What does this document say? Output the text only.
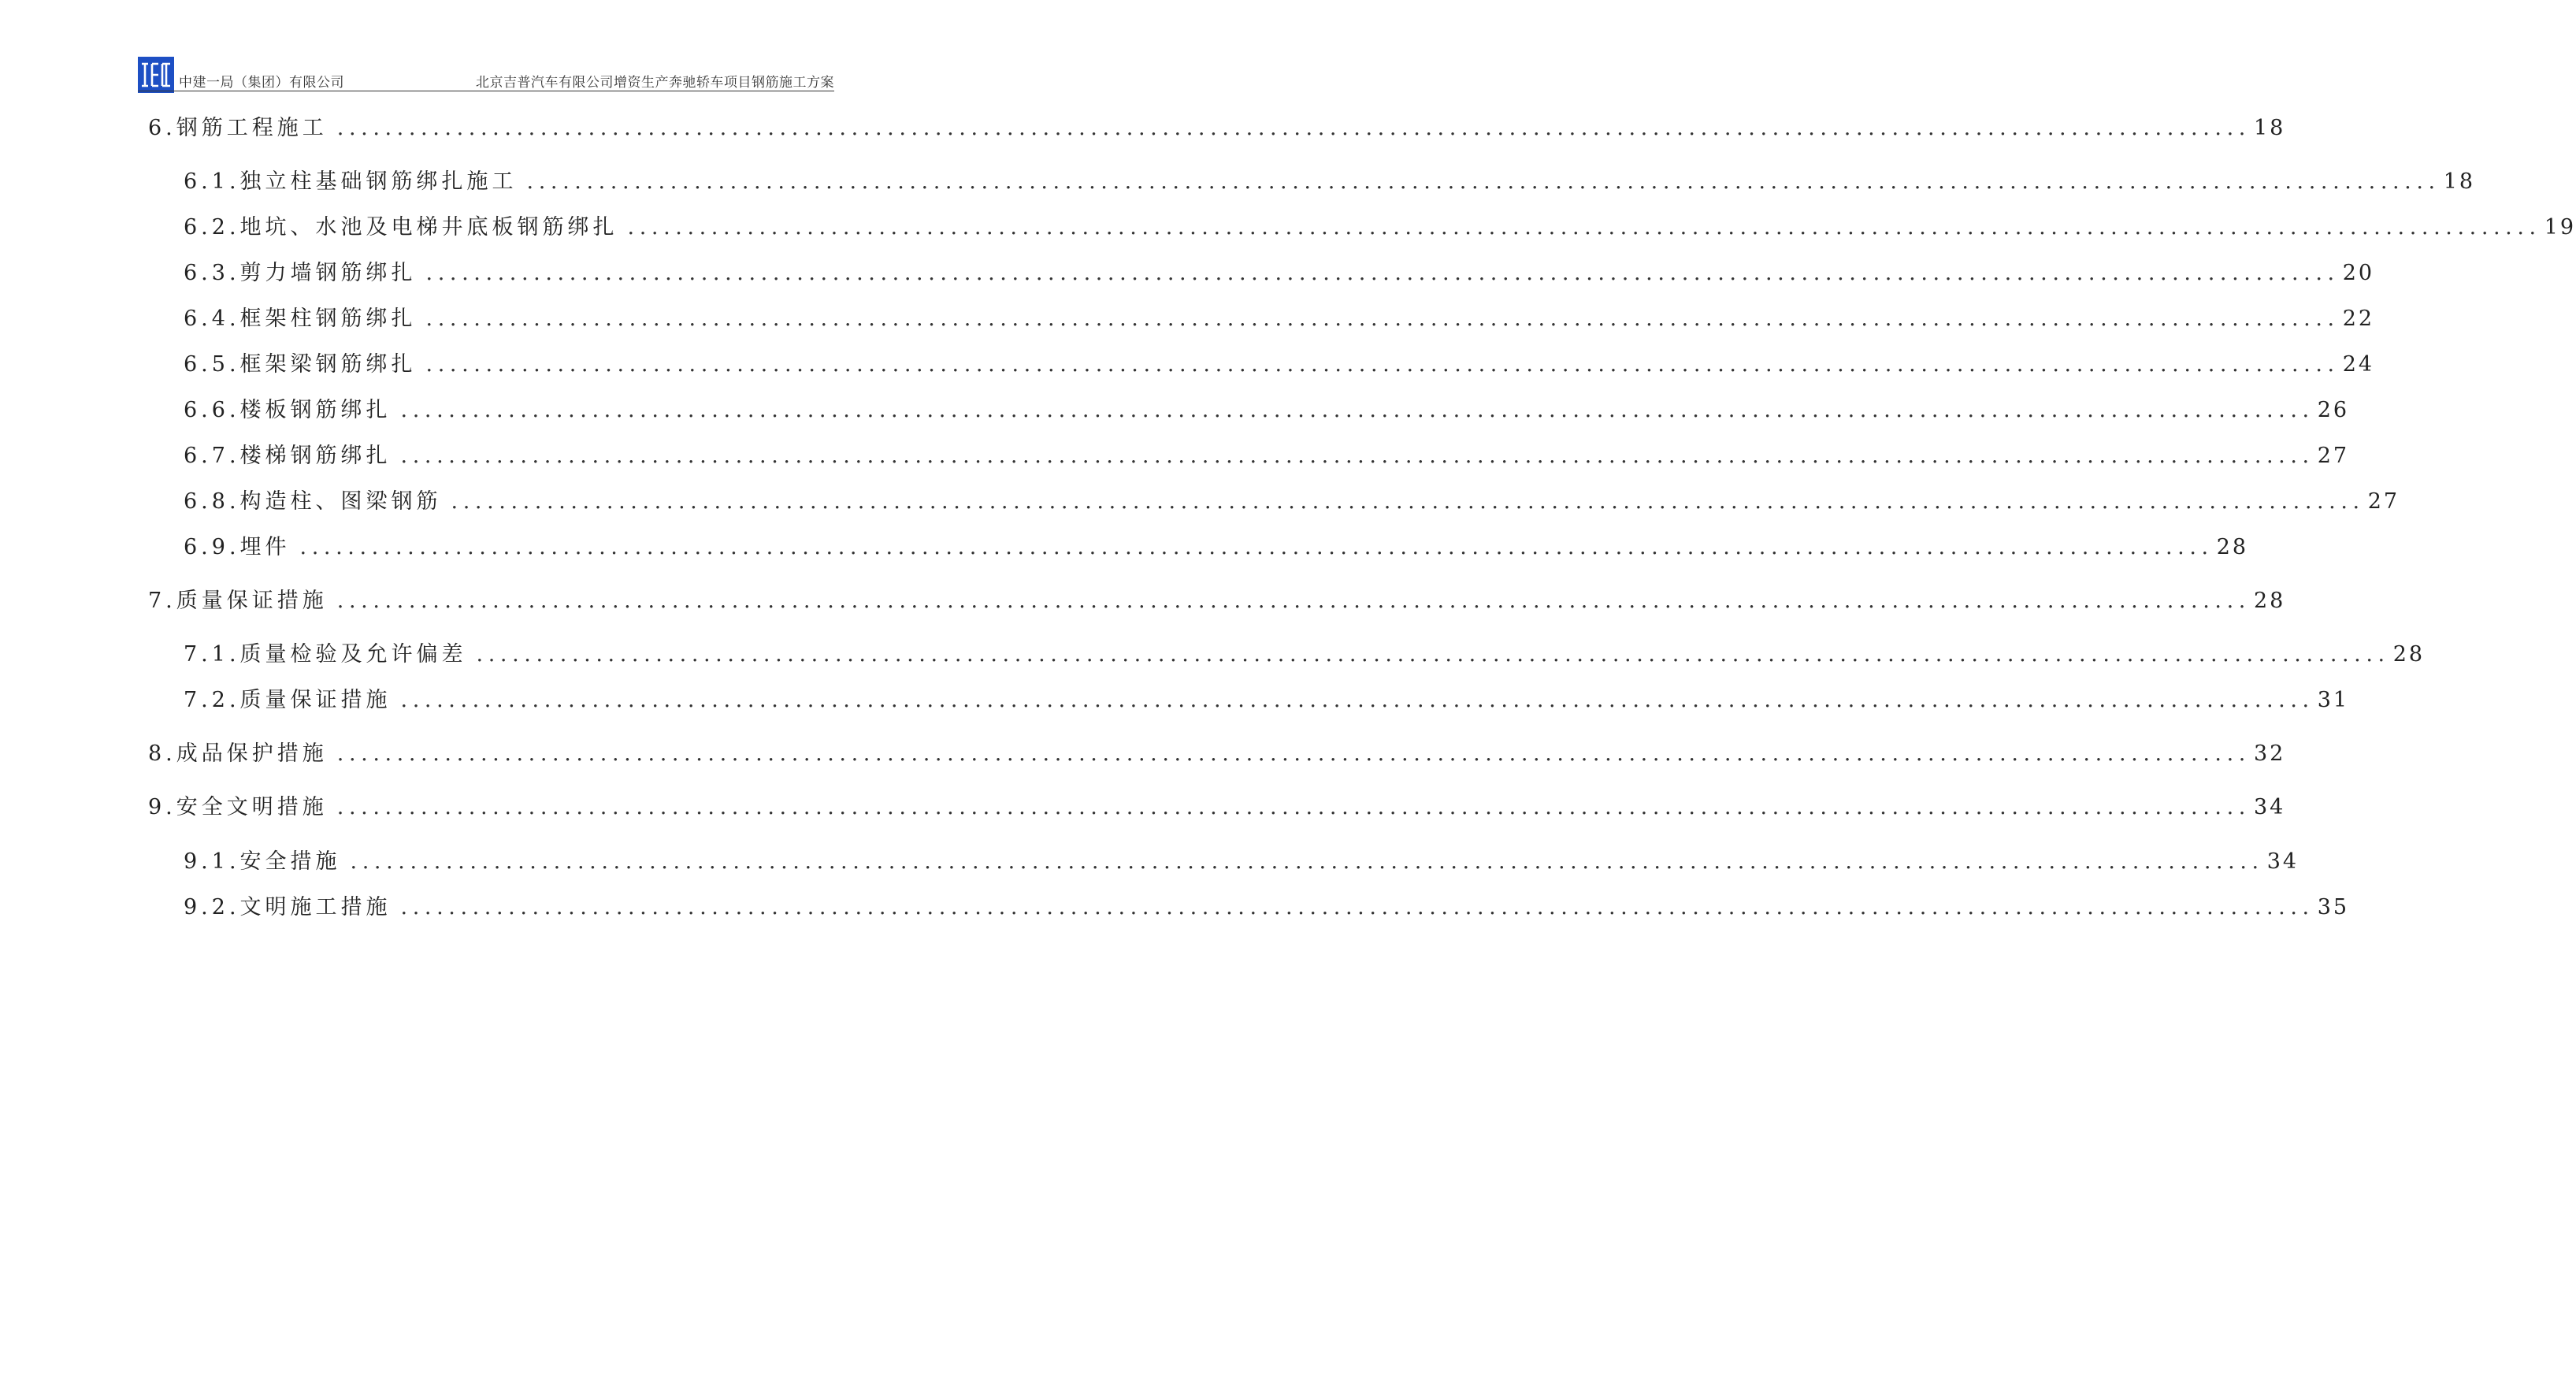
中建一局（集团）有限公司	北京吉普汽车有限公司增资生产奔驰轿车项目钢筋施工方案
6. 钢筋工程施工 ................................................................................................................................................................ 18
6.1. 独立柱基础钢筋绑扎施工 ................................................................................................................................................................ 18
6.2. 地坑、水池及电梯井底板钢筋绑扎 ................................................................................................................................................................ 19
6.3. 剪力墙钢筋绑扎 ................................................................................................................................................................ 20
6.4. 框架柱钢筋绑扎 ................................................................................................................................................................ 22
6.5. 框架梁钢筋绑扎 ................................................................................................................................................................ 24
6.6. 楼板钢筋绑扎 ................................................................................................................................................................ 26
6.7. 楼梯钢筋绑扎 ................................................................................................................................................................ 27
6.8. 构造柱、图梁钢筋 ................................................................................................................................................................ 27
6.9. 埋件 ................................................................................................................................................................ 28
7. 质量保证措施 ................................................................................................................................................................ 28
7.1. 质量检验及允许偏差 ................................................................................................................................................................ 28
7.2. 质量保证措施 ................................................................................................................................................................ 31
8. 成品保护措施 ................................................................................................................................................................ 32
9. 安全文明措施 ................................................................................................................................................................ 34
9.1. 安全措施 ................................................................................................................................................................ 34
9.2. 文明施工措施 ................................................................................................................................................................ 35
